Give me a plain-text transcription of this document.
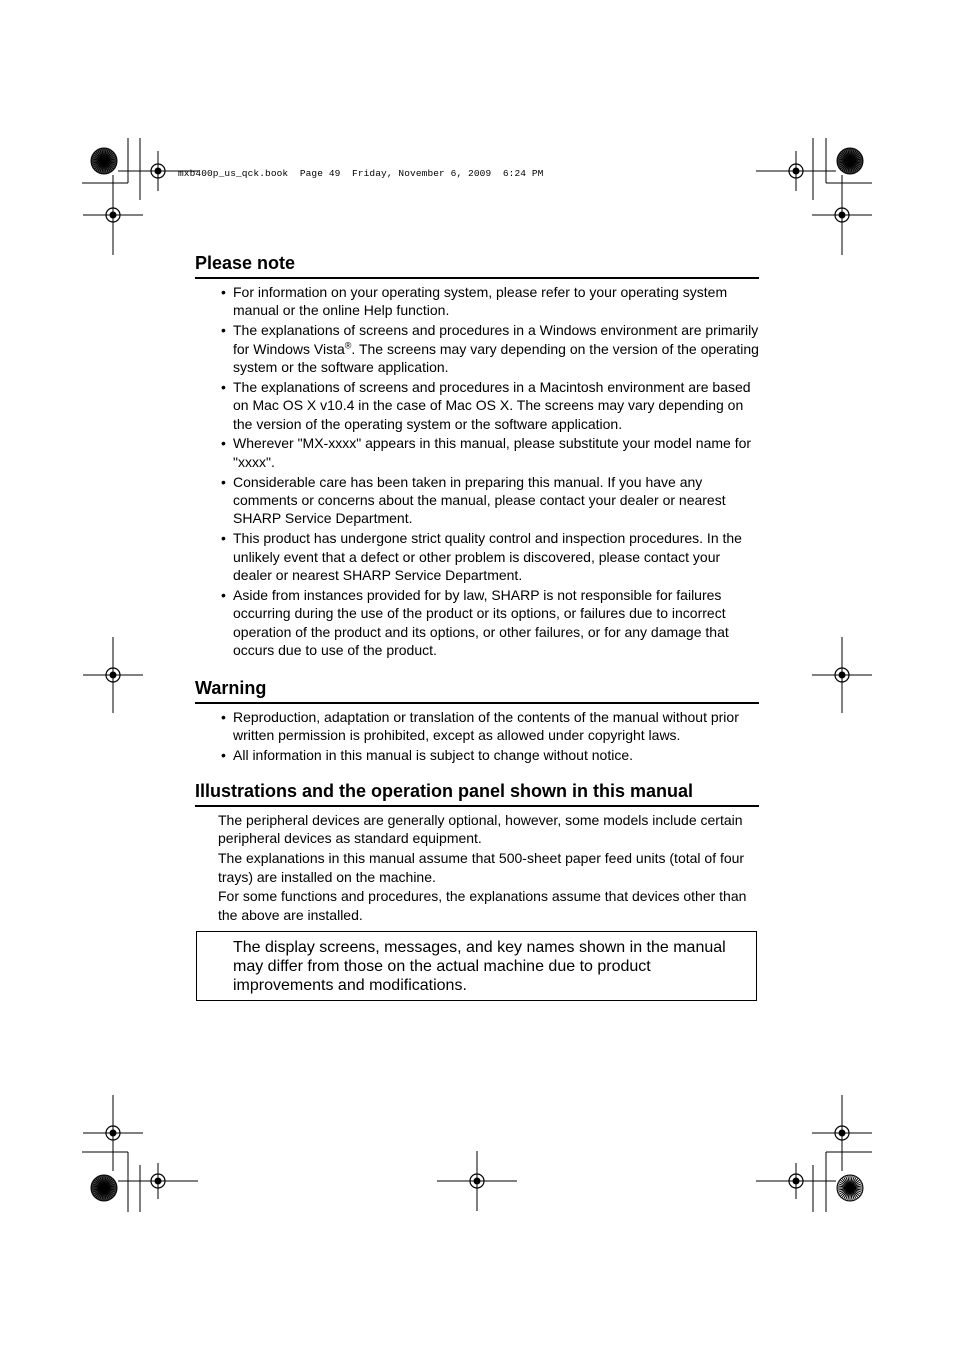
mxb400p_us_qck.book  Page 49  Friday, November 6, 2009  6:24 PM
Please note
• For information on your operating system, please refer to your operating system manual or the online Help function.
• The explanations of screens and procedures in a Windows environment are primarily for Windows Vista®. The screens may vary depending on the version of the operating system or the software application.
• The explanations of screens and procedures in a Macintosh environment are based on Mac OS X v10.4 in the case of Mac OS X. The screens may vary depending on the version of the operating system or the software application.
• Wherever "MX-xxxx" appears in this manual, please substitute your model name for "xxxx".
• Considerable care has been taken in preparing this manual. If you have any comments or concerns about the manual, please contact your dealer or nearest SHARP Service Department.
• This product has undergone strict quality control and inspection procedures. In the unlikely event that a defect or other problem is discovered, please contact your dealer or nearest SHARP Service Department.
• Aside from instances provided for by law, SHARP is not responsible for failures occurring during the use of the product or its options, or failures due to incorrect operation of the product and its options, or other failures, or for any damage that occurs due to use of the product.
Warning
• Reproduction, adaptation or translation of the contents of the manual without prior written permission is prohibited, except as allowed under copyright laws.
• All information in this manual is subject to change without notice.
Illustrations and the operation panel shown in this manual

The peripheral devices are generally optional, however, some models include certain peripheral devices as standard equipment.

The explanations in this manual assume that 500-sheet paper feed units (total of four trays) are installed on the machine.

For some functions and procedures, the explanations assume that devices other than the above are installed.

The display screens, messages, and key names shown in the manual may differ from those on the actual machine due to product improvements and modifications.
